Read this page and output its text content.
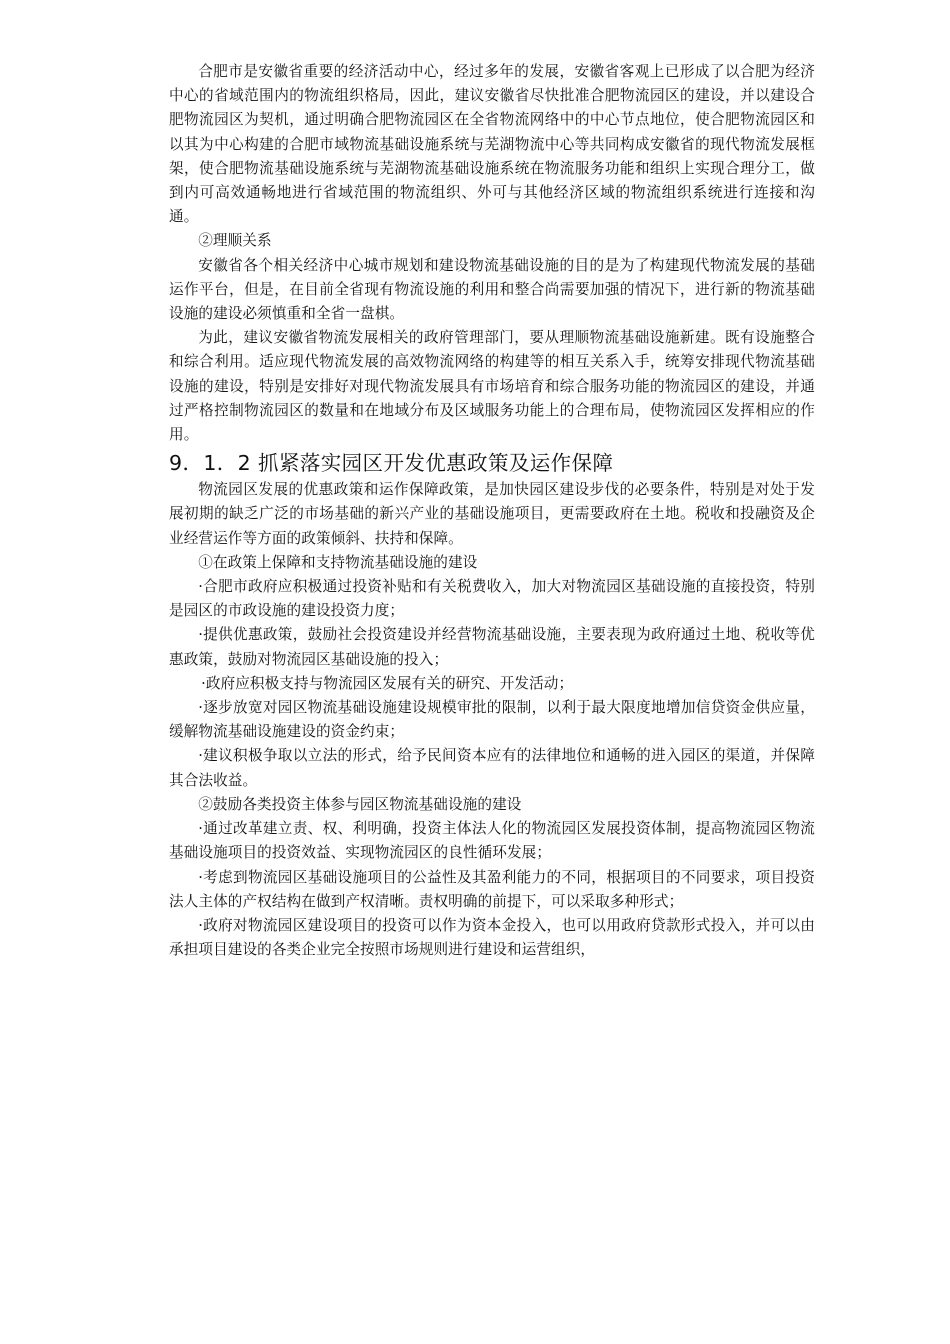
合肥市是安徽省重要的经济活动中心，经过多年的发展，安徽省客观上已形成了以合肥为经济中心的省域范围内的物流组织格局，因此，建议安徽省尽快批准合肥物流园区的建设，并以建设合肥物流园区为契机，通过明确合肥物流园区在全省物流网络中的中心节点地位，使合肥物流园区和以其为中心构建的合肥市域物流基础设施系统与芜湖物流中心等共同构成安徽省的现代物流发展框架，使合肥物流基础设施系统与芜湖物流基础设施系统在物流服务功能和组织上实现合理分工，做到内可高效通畅地进行省域范围的物流组织、外可与其他经济区域的物流组织系统进行连接和沟通。

②理顺关系

安徽省各个相关经济中心城市规划和建设物流基础设施的目的是为了构建现代物流发展的基础运作平台，但是，在目前全省现有物流设施的利用和整合尚需要加强的情况下，进行新的物流基础设施的建设必须慎重和全省一盘棋。

为此，建议安徽省物流发展相关的政府管理部门，要从理顺物流基础设施新建。既有设施整合和综合利用。适应现代物流发展的高效物流网络的构建等的相互关系入手，统筹安排现代物流基础设施的建设，特别是安排好对现代物流发展具有市场培育和综合服务功能的物流园区的建设，并通过严格控制物流园区的数量和在地域分布及区域服务功能上的合理布局，使物流园区发挥相应的作用。

9．1．2 抓紧落实园区开发优惠政策及运作保障

物流园区发展的优惠政策和运作保障政策，是加快园区建设步伐的必要条件，特别是对处于发展初期的缺乏广泛的市场基础的新兴产业的基础设施项目，更需要政府在土地。税收和投融资及企业经营运作等方面的政策倾斜、扶持和保障。

①在政策上保障和支持物流基础设施的建设

·合肥市政府应积极通过投资补贴和有关税费收入，加大对物流园区基础设施的直接投资，特别是园区的市政设施的建设投资力度；

·提供优惠政策，鼓励社会投资建设并经营物流基础设施，主要表现为政府通过土地、税收等优惠政策，鼓励对物流园区基础设施的投入；

·政府应积极支持与物流园区发展有关的研究、开发活动；

·逐步放宽对园区物流基础设施建设规模审批的限制，以利于最大限度地增加信贷资金供应量，缓解物流基础设施建设的资金约束；

·建议积极争取以立法的形式，给予民间资本应有的法律地位和通畅的进入园区的渠道，并保障其合法收益。

②鼓励各类投资主体参与园区物流基础设施的建设

·通过改革建立责、权、利明确，投资主体法人化的物流园区发展投资体制，提高物流园区物流基础设施项目的投资效益、实现物流园区的良性循环发展；

·考虑到物流园区基础设施项目的公益性及其盈利能力的不同，根据项目的不同要求，项目投资法人主体的产权结构在做到产权清晰。责权明确的前提下，可以采取多种形式；

·政府对物流园区建设项目的投资可以作为资本金投入，也可以用政府贷款形式投入，并可以由承担项目建设的各类企业完全按照市场规则进行建设和运营组织，
